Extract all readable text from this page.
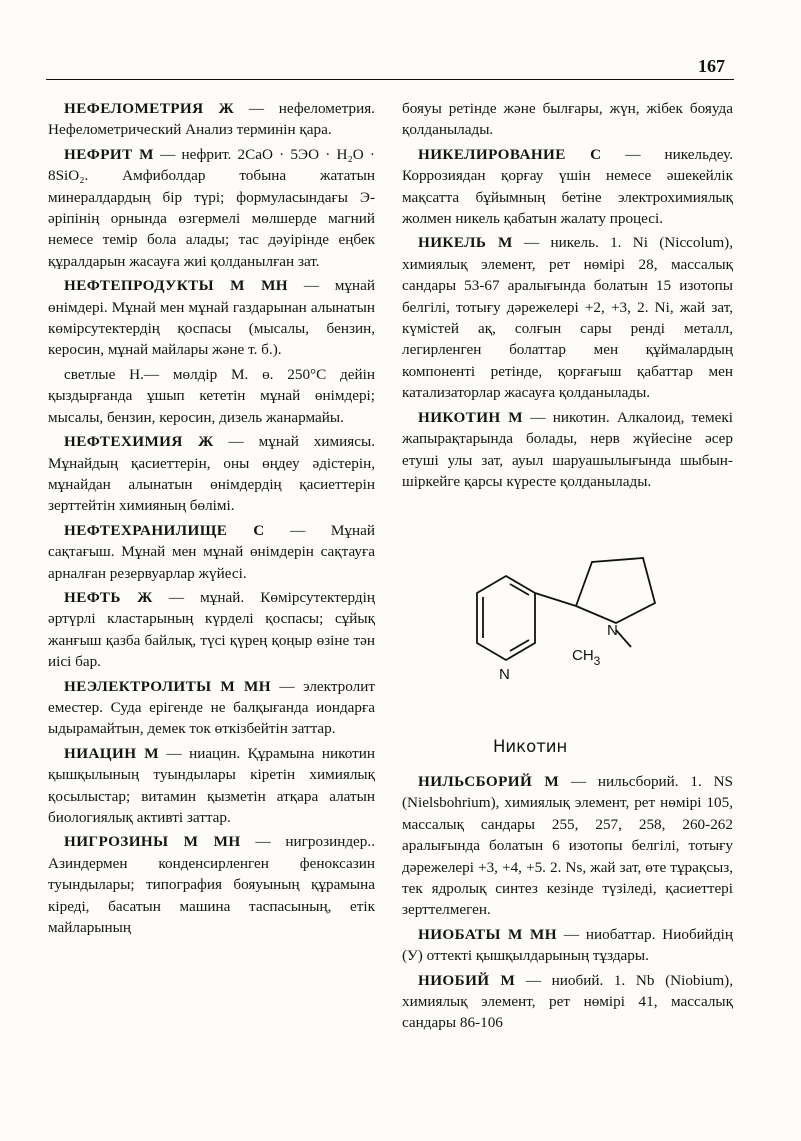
167

НЕФЕЛОМЕТРИЯ Ж — нефелометрия. Нефелометрический Анализ терминін қара.

НЕФРИТ М — нефрит. 2CaO · 5ЭО · H₂O · 8SiO₂. Амфиболдар тобына жататын минералдардың бір түрі; формуласындағы Э-әріпінің орнында өзгермелі мөлшерде магний немесе темір бола алады; тас дәуірінде еңбек құралдарын жасауға жиі қолданылған зат.

НЕФТЕПРОДУКТЫ М МН — мұнай өнімдері. Мұнай мен мұнай газдарынан алынатын көмірсутектердің қоспасы (мысалы, бензин, керосин, мұнай майлары және т. б.).

светлые Н.— мөлдір М. ө. 250°С дейін қыздырғанда ұшып кететін мұнай өнімдері; мысалы, бензин, керосин, дизель жанармайы.

НЕФТЕХИМИЯ Ж — мұнай химиясы. Мұнайдың қасиеттерін, оны өңдеу әдістерін, мұнайдан алынатын өнімдердің қасиеттерін зерттейтін химияның бөлімі.

НЕФТЕХРАНИЛИЩЕ С — Мұнай сақтағыш. Мұнай мен мұнай өнімдерін сақтауға арналған резервуарлар жүйесі.

НЕФТЬ Ж — мұнай. Көмірсутектердің әртүрлі кластарының күрделі қоспасы; сұйық жанғыш қазба байлық, түсі қүрең қоңыр өзіне тән иісі бар.

НЕЭЛЕКТРОЛИТЫ М МН — электролит еместер. Суда ерігенде не балқығанда иондарға ыдырамайтын, демек ток өткізбейтін заттар.

НИАЦИН М — ниацин. Құрамына никотин қышқылының туындылары кіретін химиялық қосылыстар; витамин қызметін атқара алатын биологиялық активті заттар.

НИГРОЗИНЫ М МН — нигрозиндер.. Азиндермен конденсирленген феноксазин туындылары; типография бояуының құрамына кіреді, басатын машина таспасының, етік майларының

бояуы ретінде және былғары, жүн, жібек бояуда қолданылады.

НИКЕЛИРОВАНИЕ С — никельдеу. Коррозиядан қорғау үшін немесе әшекейлік мақсатта бұйымның бетіне электрохимиялық жолмен никель қабатын жалату процесі.

НИКЕЛЬ М — никель. 1. Ni (Niccolum), химиялық элемент, рет нөмірі 28, массалық сандары 53-67 аралығында болатын 15 изотопы белгілі, тотығу дәрежелері +2, +3, 2. Ni, жай зат, күмістей ақ, солғын сары ренді металл, легирленген болаттар мен құймалардың компоненті ретінде, қорғағыш қабаттар мен катализаторлар жасауға қолданылады.

НИКОТИН М — никотин. Алкалоид, темекі жапырақтарында болады, нерв жүйесіне әсер етуші улы зат, ауыл шаруашылығында шыбын-шіркейге қарсы күресте қолданылады.

N
N
$CH_3$
Никотин

НИЛЬСБОРИЙ М — нильсборий. 1. NS (Nielsbohrium), химиялық элемент, рет нөмірі 105, массалық сандары 255, 257, 258, 260-262 аралығында болатын 6 изотопы белгілі, тотығу дәрежелері +3, +4, +5. 2. Ns, жай зат, өте тұрақсыз, тек ядролық синтез кезінде түзіледі, қасиеттері зерттелмеген.

НИОБАТЫ М МН — ниобаттар. Ниобийдің (У) оттекті қышқылдарының тұздары.

НИОБИЙ М — ниобий. 1. Nb (Niobium), химиялық элемент, рет нөмірі 41, массалық сандары 86-106
